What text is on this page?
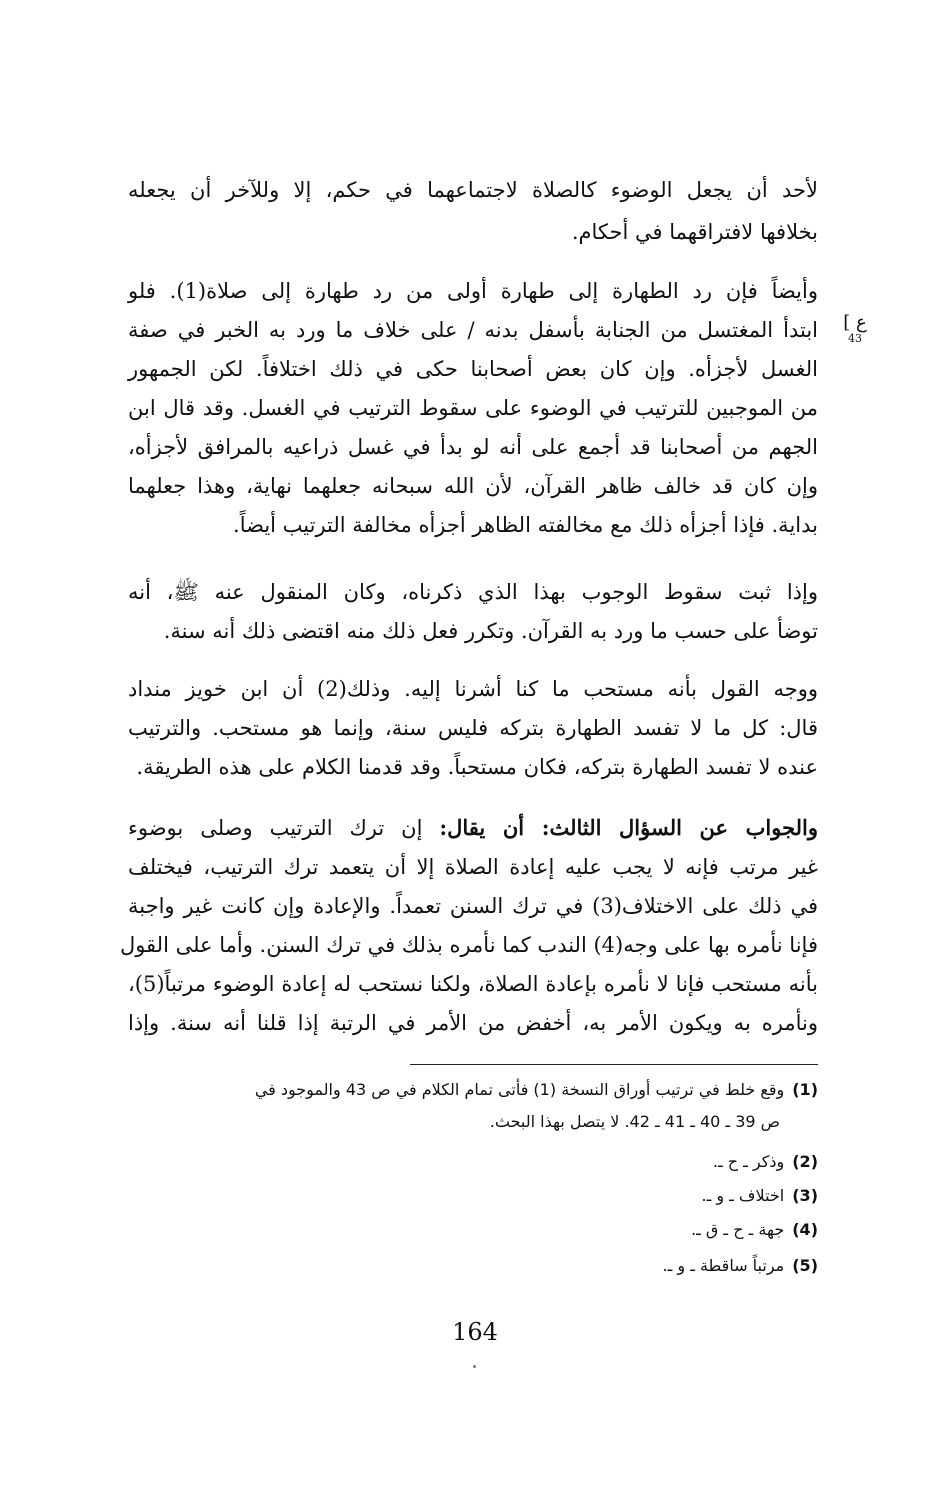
لأحد أن يجعل الوضوء كالصلاة لاجتماعهما في حكم، إلا وللآخر أن يجعله
بخلافها لافتراقهما في أحكام.
وأيضاً فإن رد الطهارة إلى طهارة أولى من رد طهارة إلى صلاة(1). فلو
ابتدأ المغتسل من الجنابة بأسفل بدنه / على خلاف ما ورد به الخبر في صفة
الغسل لأجزأه. وإن كان بعض أصحابنا حكى في ذلك اختلافاً. لكن الجمهور
من الموجبين للترتيب في الوضوء على سقوط الترتيب في الغسل. وقد قال ابن
الجهم من أصحابنا قد أجمع على أنه لو بدأ في غسل ذراعيه بالمرافق لأجزأه،
وإن كان قد خالف ظاهر القرآن، لأن الله سبحانه جعلهما نهاية، وهذا جعلهما
بداية. فإذا أجزأه ذلك مع مخالفته الظاهر أجزأه مخالفة الترتيب أيضاً.
ع ]
43
وإذا ثبت سقوط الوجوب بهذا الذي ذكرناه، وكان المنقول عنه ﷺ، أنه
توضأ على حسب ما ورد به القرآن. وتكرر فعل ذلك منه اقتضى ذلك أنه سنة.
ووجه القول بأنه مستحب ما كنا أشرنا إليه. وذلك(2) أن ابن خويز منداد
قال: كل ما لا تفسد الطهارة بتركه فليس سنة، وإنما هو مستحب. والترتيب
عنده لا تفسد الطهارة بتركه، فكان مستحباً. وقد قدمنا الكلام على هذه الطريقة.
والجواب عن السؤال الثالث: أن يقال: إن ترك الترتيب وصلى بوضوء
غير مرتب فإنه لا يجب عليه إعادة الصلاة إلا أن يتعمد ترك الترتيب، فيختلف
في ذلك على الاختلاف(3) في ترك السنن تعمداً. والإعادة وإن كانت غير واجبة
فإنا نأمره بها على وجه(4) الندب كما نأمره بذلك في ترك السنن. وأما على القول
بأنه مستحب فإنا لا نأمره بإعادة الصلاة، ولكنا نستحب له إعادة الوضوء مرتباً(5)،
ونأمره به ويكون الأمر به، أخفض من الأمر في الرتبة إذا قلنا أنه سنة. وإذا
(1)وقع خلط في ترتيب أوراق النسخة (1) فأتى تمام الكلام في ص 43 والموجود في
ص 39 ـ 40 ـ 41 ـ 42. لا يتصل بهذا البحث.
(2)وذكر ـ ح ـ.
(3)اختلاف ـ و ـ.
(4)جهة ـ ح ـ ق ـ.
(5)مرتباً ساقطة ـ و ـ.
164
